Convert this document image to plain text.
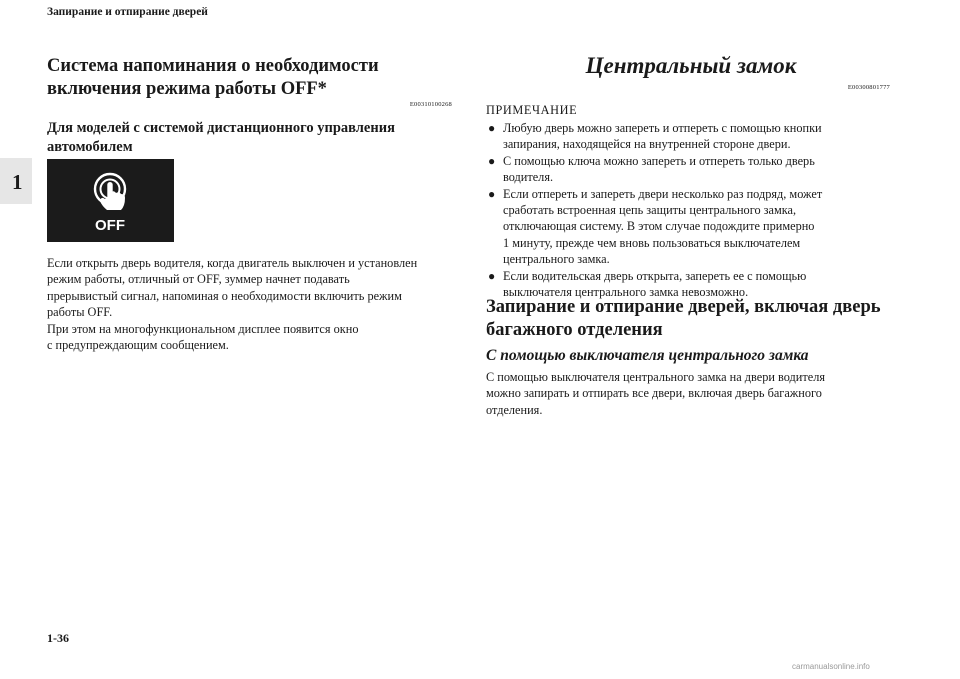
Запирание и отпирание дверей
1
Система напоминания о необходимости
включения режима работы OFF*
E00310100268
Для моделей с системой дистанционного управления
автомобилем
OFF
Если открыть дверь водителя, когда двигатель выключен и установлен
режим работы, отличный от OFF, зуммер начнет подавать
прерывистый сигнал, напоминая о необходимости включить режим
работы OFF.
При этом на многофункциональном дисплее появится окно
с предупреждающим сообщением.
Центральный замок
E00300801777
ПРИМЕЧАНИЕ
● Любую дверь можно запереть и отпереть с помощью кнопки
запирания, находящейся на внутренней стороне двери.
● С помощью ключа можно запереть и отпереть только дверь
водителя.
● Если отпереть и запереть двери несколько раз подряд, может
сработать встроенная цепь защиты центрального замка,
отключающая систему. В этом случае подождите примерно
1 минуту, прежде чем вновь пользоваться выключателем
центрального замка.
● Если водительская дверь открыта, запереть ее с помощью
выключателя центрального замка невозможно.
Запирание и отпирание дверей, включая дверь
багажного отделения
С помощью выключателя центрального замка
С помощью выключателя центрального замка на двери водителя
можно запирать и отпирать все двери, включая дверь багажного
отделения.
1-36
carmanualsonline.info
